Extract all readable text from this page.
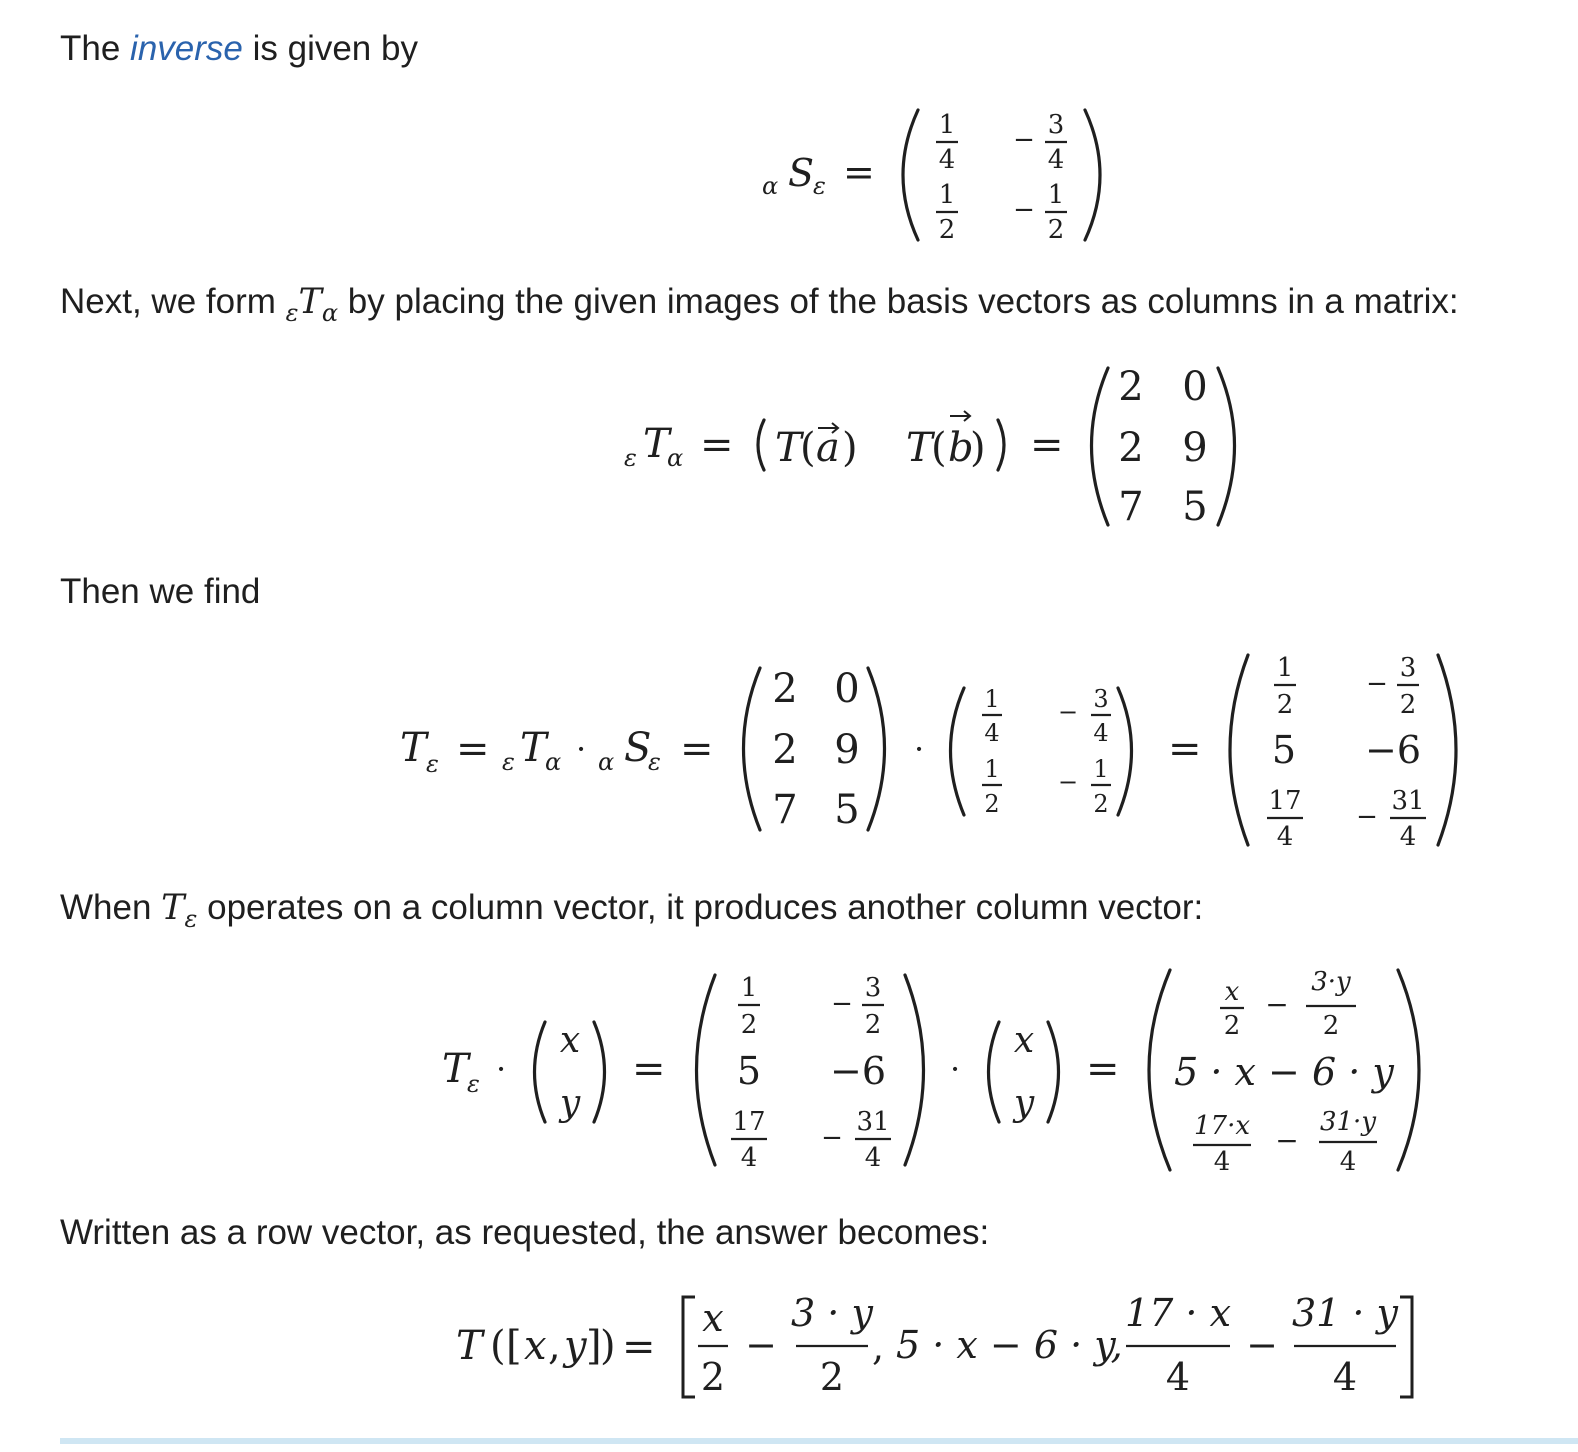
The inverse is given by

Next, we form $_\varepsilon T_\alpha$ by placing the given images of the basis vectors as columns in a matrix:

Then we find

When $T_\varepsilon$ operates on a column vector, it produces another column vector:

Written as a row vector, as requested, the answer becomes:

α S
ε =
1
4
− 3
4
1
2
− 1
2
ε T
α = T
( a ) T
( b
) =
2 0
2 9
7 5
T ε = ε T
α · α S
ε =
2 0
2 9
7 5
·
1
4
− 3
4
1
2
− 1
2
=
1
2
−
3
2
5 −6
17
4
−
31
4
T
ε ·
x
y
=
1
2
−
3
2
5 −6
17
4
−
31
4
·
x
y
=
x
2
−
3·y
2
5 · x − 6 · y
17·x
4
−
31·y
4
T ( [ x , y ]
) =
x
2
−
3 · y
2
, 5 · x − 6 · y,
17 · x
4
−
31 · y
4
